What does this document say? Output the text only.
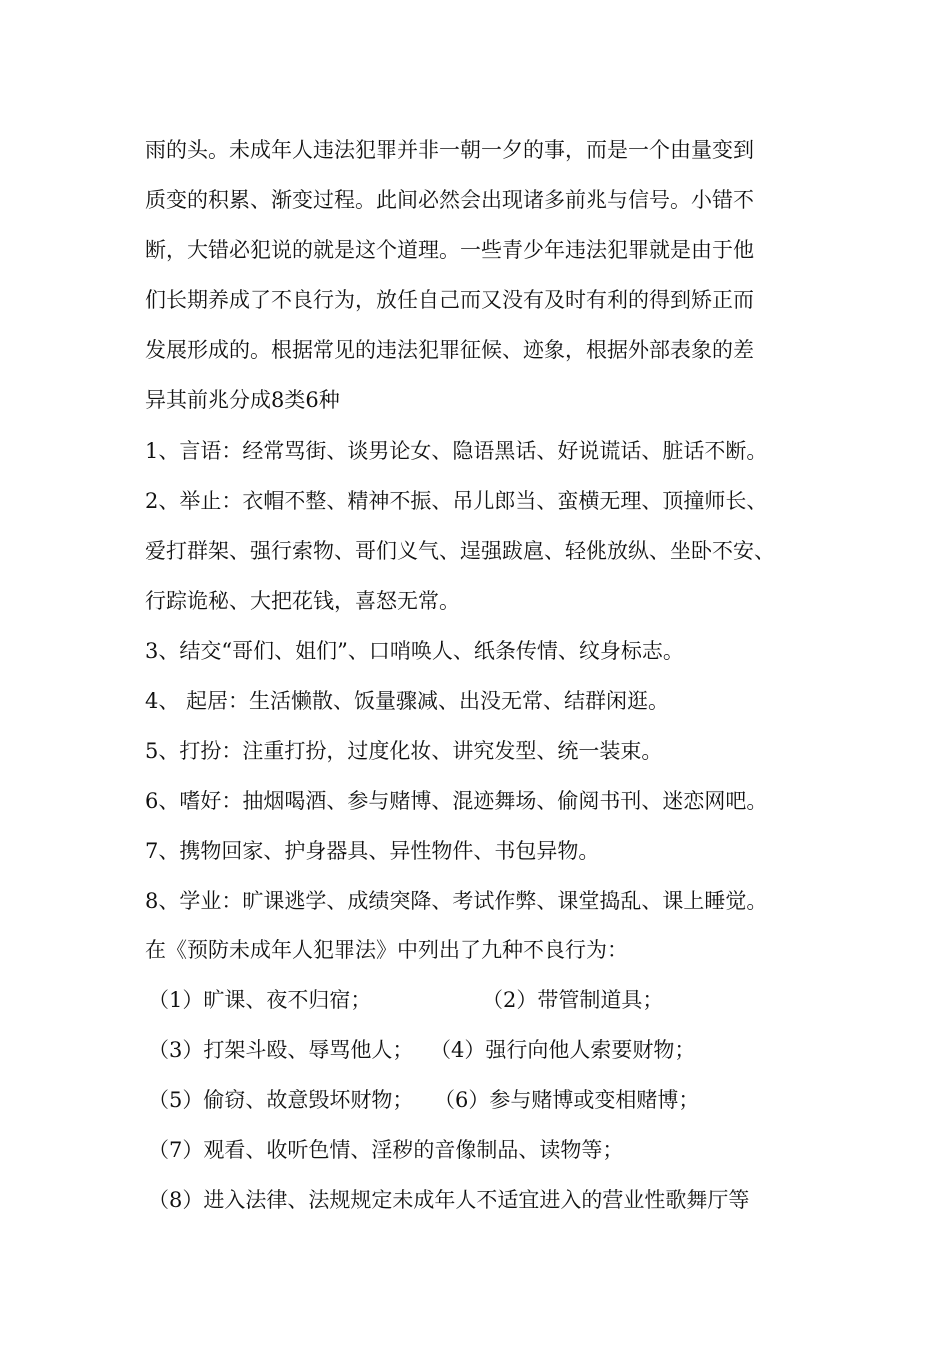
雨的头。未成年人违法犯罪并非一朝一夕的事，而是一个由量变到
质变的积累、渐变过程。此间必然会出现诸多前兆与信号。小错不
断，大错必犯说的就是这个道理。一些青少年违法犯罪就是由于他
们长期养成了不良行为，放任自己而又没有及时有利的得到矫正而
发展形成的。根据常见的违法犯罪征候、迹象，根据外部表象的差
异其前兆分成8类6种
1、言语：经常骂街、谈男论女、隐语黑话、好说谎话、脏话不断。
2、举止：衣帽不整、精神不振、吊儿郎当、蛮横无理、顶撞师长、
爱打群架、强行索物、哥们义气、逞强跋扈、轻佻放纵、坐卧不安、
行踪诡秘、大把花钱，喜怒无常。
3、结交“哥们、姐们”、口哨唤人、纸条传情、纹身标志。
4、 起居：生活懒散、饭量骤减、出没无常、结群闲逛。
5、打扮：注重打扮，过度化妆、讲究发型、统一装束。
6、嗜好：抽烟喝酒、参与赌博、混迹舞场、偷阅书刊、迷恋网吧。
7、携物回家、护身器具、异性物件、书包异物。
8、学业：旷课逃学、成绩突降、考试作弊、课堂捣乱、课上睡觉。
在《预防未成年人犯罪法》中列出了九种不良行为：
（1）旷课、夜不归宿；	（2）带管制道具；
（3）打架斗殴、辱骂他人； （4）强行向他人索要财物；
（5）偷窃、故意毁坏财物； （6）参与赌博或变相赌博；
（7）观看、收听色情、淫秽的音像制品、读物等；
（8）进入法律、法规规定未成年人不适宜进入的营业性歌舞厅等
